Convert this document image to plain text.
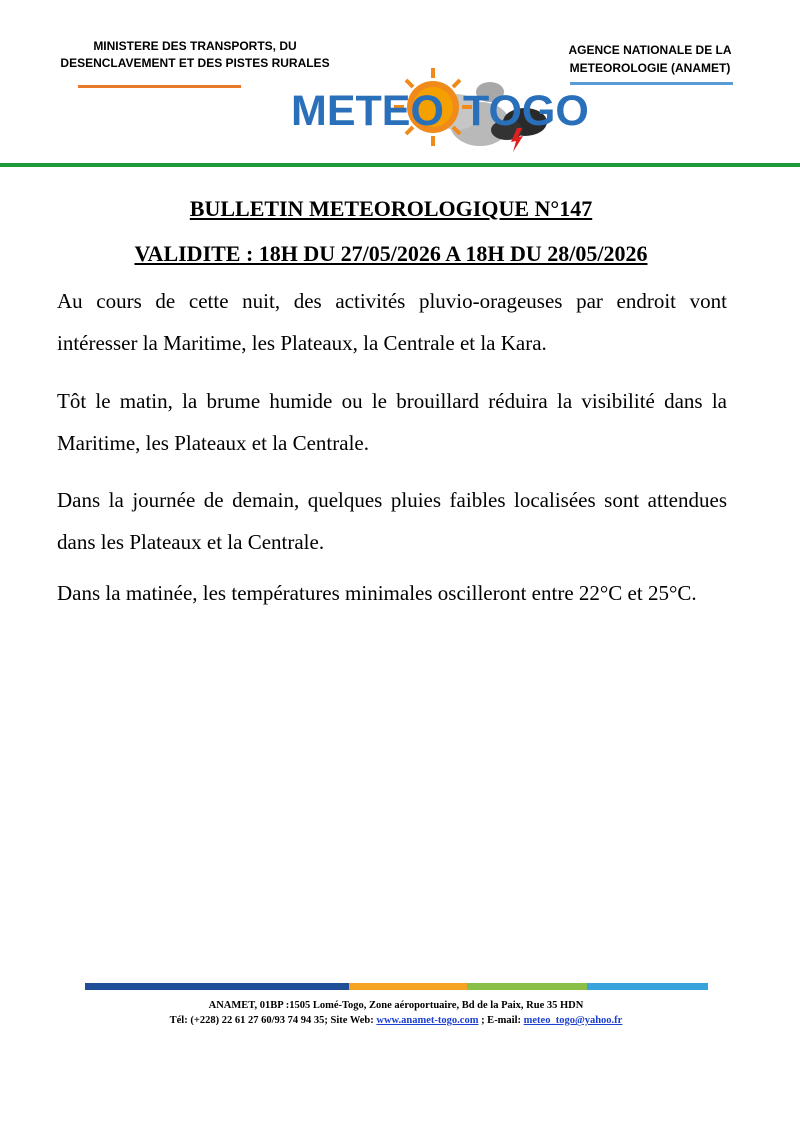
MINISTERE DES TRANSPORTS, DU
DESENCLAVEMENT ET DES PISTES RURALES
AGENCE NATIONALE DE LA
METEOROLOGIE (ANAMET)
METEO TOGO
BULLETIN METEOROLOGIQUE N°147
VALIDITE : 18H DU 27/05/2026 A 18H DU 28/05/2026

Au cours de cette nuit, des activités pluvio-orageuses par endroit vont intéresser la Maritime, les Plateaux, la Centrale et la Kara.

Tôt le matin, la brume humide ou le brouillard réduira la visibilité dans la Maritime, les Plateaux et la Centrale.

Dans la journée de demain, quelques pluies faibles localisées sont attendues dans les Plateaux et la Centrale.

Dans la matinée, les températures minimales oscilleront entre 22°C et 25°C.

ANAMET, 01BP :1505 Lomé-Togo, Zone aéroportuaire, Bd de la Paix, Rue 35 HDN
Tél: (+228) 22 61 27 60/93 74 94 35; Site Web: www.anamet-togo.com ; E-mail: meteo_togo@yahoo.fr
